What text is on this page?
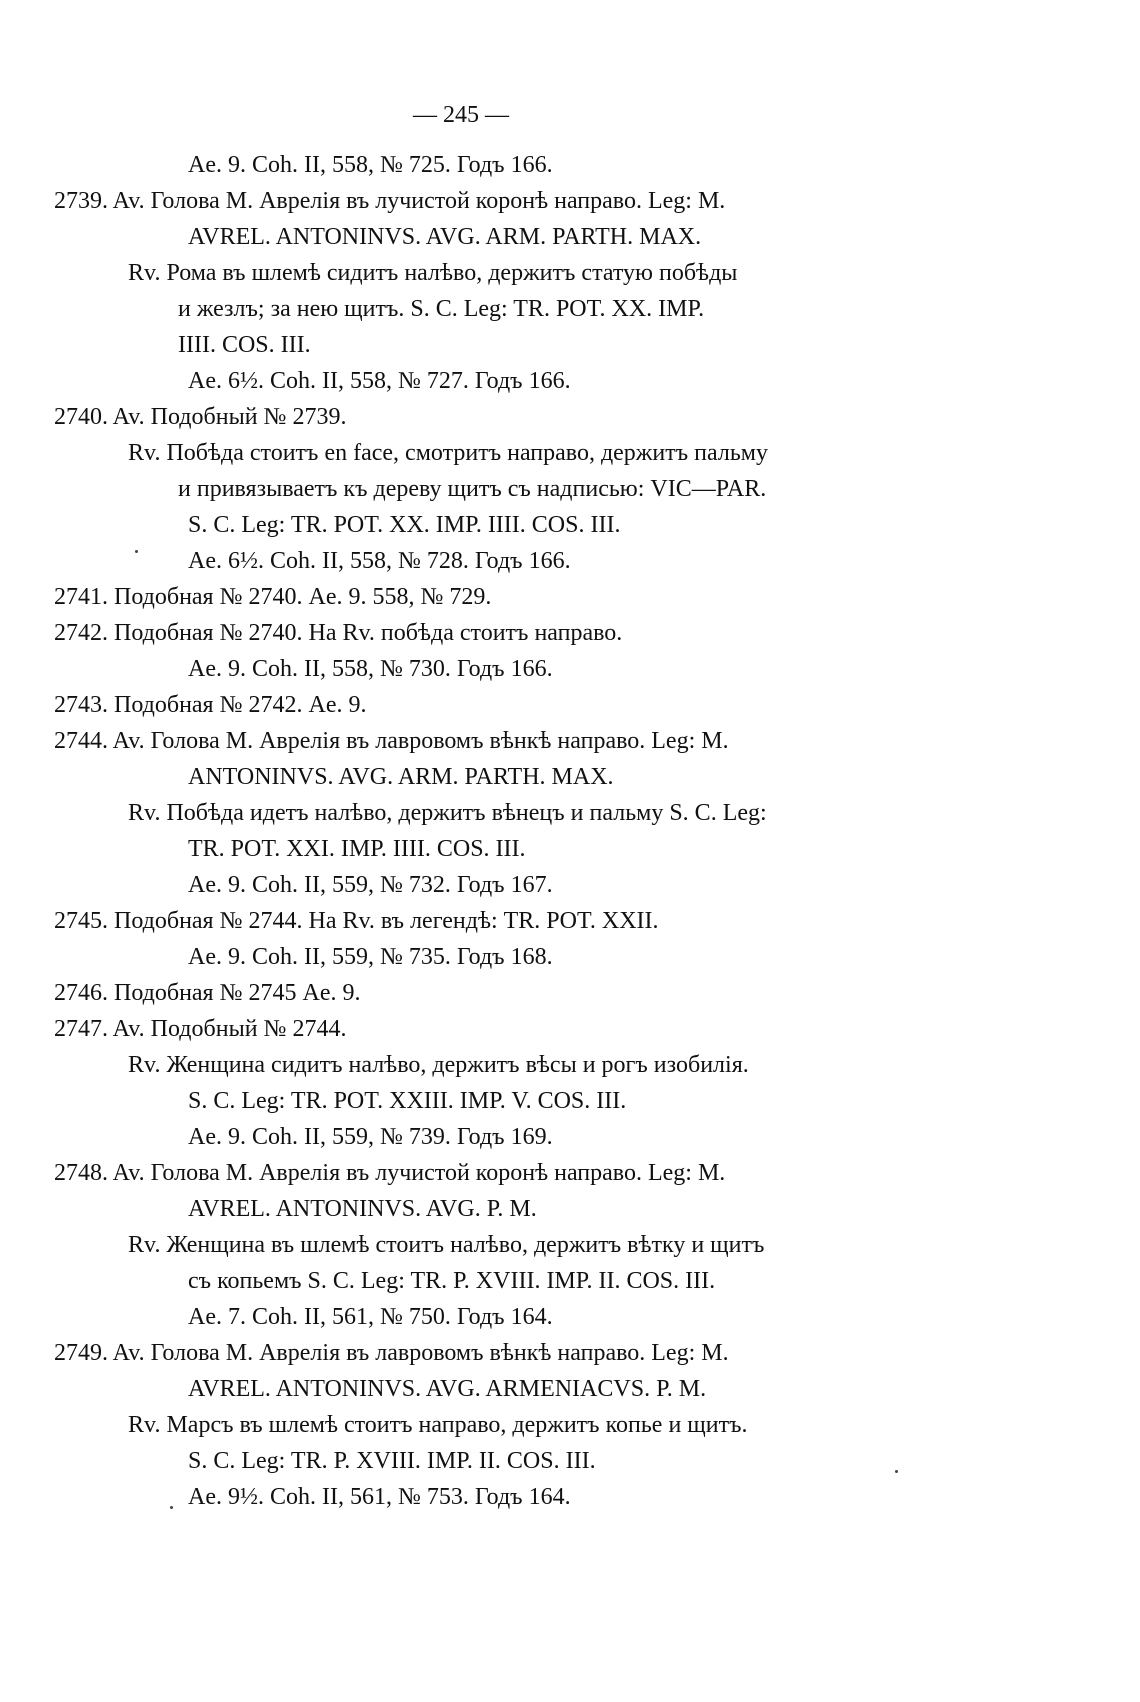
— 245 —
Ae. 9. Coh. II, 558, № 725. Годъ 166.
2739. Av. Голова М. Аврелія въ лучистой коронѣ направо. Leg: M.
AVREL. ANTONINVS. AVG. ARM. PARTH. MAX.
Rv. Рома въ шлемѣ сидитъ налѣво, держитъ статую побѣды
и жезлъ; за нею щитъ. S. C. Leg: TR. POT. XX. IMP.
IIII. COS. III.
Ae. 6½. Coh. II, 558, № 727. Годъ 166.
2740. Av. Подобный № 2739.
Rv. Побѣда стоитъ en face, смотритъ направо, держитъ пальму
и привязываетъ къ дереву щитъ съ надписью: VIC—PAR.
S. C. Leg: TR. POT. XX. IMP. IIII. COS. III.
Ae. 6½. Coh. II, 558, № 728. Годъ 166.
2741. Подобная № 2740. Ae. 9. 558, № 729.
2742. Подобная № 2740. На Rv. побѣда стоитъ направо.
Ae. 9. Coh. II, 558, № 730. Годъ 166.
2743. Подобная № 2742. Ae. 9.
2744. Av. Голова М. Аврелія въ лавровомъ вѣнкѣ направо. Leg: M.
ANTONINVS. AVG. ARM. PARTH. MAX.
Rv. Побѣда идетъ налѣво, держитъ вѣнецъ и пальму S. C. Leg:
TR. POT. XXI. IMP. IIII. COS. III.
Ae. 9. Coh. II, 559, № 732. Годъ 167.
2745. Подобная № 2744. На Rv. въ легендѣ: TR. POT. XXII.
Ae. 9. Coh. II, 559, № 735. Годъ 168.
2746. Подобная № 2745 Ae. 9.
2747. Av. Подобный № 2744.
Rv. Женщина сидитъ налѣво, держитъ вѣсы и рогъ изобилія.
S. C. Leg: TR. POT. XXIII. IMP. V. COS. III.
Ae. 9. Coh. II, 559, № 739. Годъ 169.
2748. Av. Голова М. Аврелія въ лучистой коронѣ направо. Leg: M.
AVREL. ANTONINVS. AVG. P. M.
Rv. Женщина въ шлемѣ стоитъ налѣво, держитъ вѣтку и щитъ
съ копьемъ S. C. Leg: TR. P. XVIII. IMP. II. COS. III.
Ae. 7. Coh. II, 561, № 750. Годъ 164.
2749. Av. Голова М. Аврелія въ лавровомъ вѣнкѣ направо. Leg: M.
AVREL. ANTONINVS. AVG. ARMENIACVS. P. M.
Rv. Марсъ въ шлемѣ стоитъ направо, держитъ копье и щитъ.
S. C. Leg: TR. P. XVIII. IMP. II. COS. III.
Ae. 9½. Coh. II, 561, № 753. Годъ 164.
